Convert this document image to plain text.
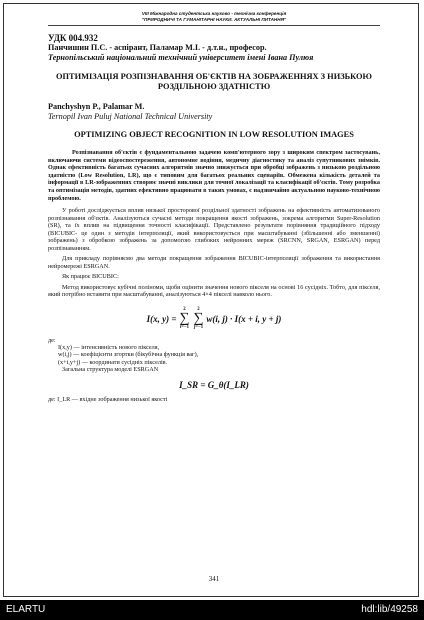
VIII Міжнародна студентська науково - технічна конференція
"ПРИРОДНИЧІ ТА ГУМАНІТАРНІ НАУКИ. АКТУАЛЬНІ ПИТАННЯ"
УДК 004.932
Панчишин П.С. - аспірант, Паламар М.І. - д.т.н., професор.
Тернопільський національний технічний університет імені Івана Пулюя
ОПТИМІЗАЦІЯ РОЗПІЗНАВАННЯ ОБ'ЄКТІВ НА ЗОБРАЖЕННЯХ З НИЗЬКОЮ РОЗДІЛЬНОЮ ЗДАТНІСТЮ
Panchyshyn P., Palamar M.
Ternopil Ivan Puluj National Technical University
OPTIMIZING OBJECT RECOGNITION IN LOW RESOLUTION IMAGES
Розпізнавання об'єктів є фундаментальною задачею комп'ютерного зору з широким спектром застосувань, включаючи системи відеоспостереження, автономне водіння, медичну діагностику та аналіз супутникових знімків. Однак ефективність багатьох сучасних алгоритмів значно знижується при обробці зображень з низькою роздільною здатністю (Low Resolution, LR), що є типовим для багатьох реальних сценаріїв. Обмежена кількість деталей та інформації в LR-зображеннях створює значні виклики для точної локалізації та класифікації об'єктів. Тому розробка та оптимізація методів, здатних ефективно працювати в таких умовах, є надзвичайно актуальною науково-технічною проблемою.
У роботі досліджується вплив низької просторової роздільної здатності зображень на ефективність автоматизованого розпізнавання об'єктів. Аналізуються сучасні методи покращення якості зображень, зокрема алгоритми Super-Resolution (SR), та їх вплив на підвищення точності класифікації. Представлено результати порівняння традиційного підходу (BICUBIC- це один з методів інтерполяції, який використовується при масштабуванні (збільшенні або зменшенні) зображень) з обробкою зображень за допомогою глибоких нейронних мереж (SRCNN, SRGAN, ESRGAN) перед розпізнаванням.
Для прикладу порівняємо два методи покращення зображення BICUBIC-інтерполяції зображення та використання нейромережі ESRGAN.
Як працює BICUBIC:
Метод використовує кубічні поліноми, щоби оцінити значення нового пікселя на основі 16 сусідніх. Тобто, для пікселя, який потрібно вставити при масштабуванні, аналізуються 4×4 пікселі навколо нього.
I(x, y) =
2
∑
i=−1
2
∑
j=−1
w(i, j) · I(x + i, y + j)
де:
I(x,y) — інтенсивність нового пікселя,
w(i,j) — коефіцієнти згортки (бікубічна функція ваг),
(x+i,y+j) — координати сусідніх пікселів.
Загальна структура моделі ESRGAN
I_SR = G_θ(I_LR)
де: I_LR — вхідне зображення низької якості
341
ELARTU	hdl:lib/49258
